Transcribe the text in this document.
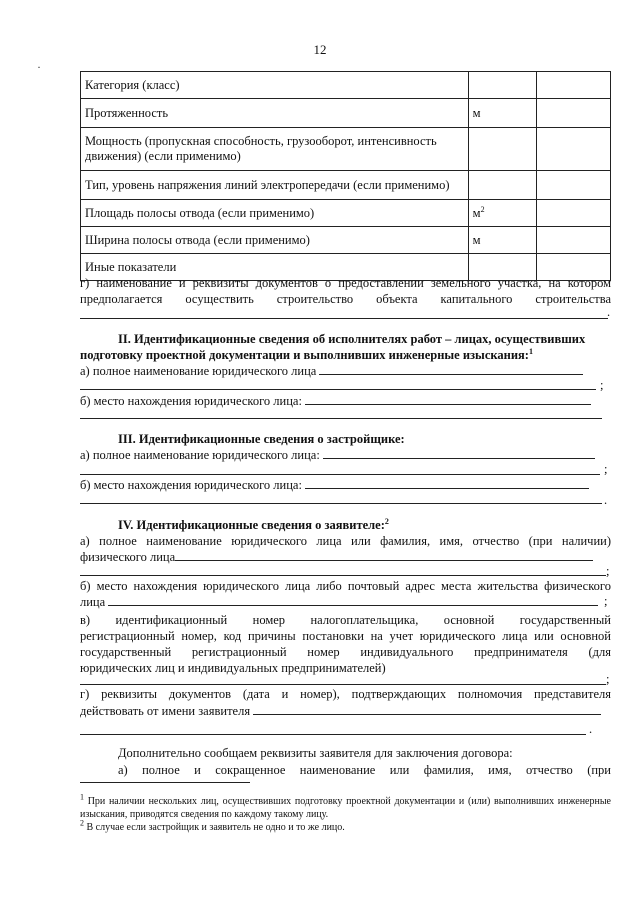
12
·
Категория (класс)		
Протяженность	м	
Мощность (пропускная способность, грузооборот, интенсивность движения) (если применимо)		
Тип, уровень напряжения линий электропередачи (если применимо)		
Площадь полосы отвода (если применимо)	$м^2$	
Ширина полосы отвода (если применимо)	м	
Иные показатели		
г) наименование и реквизиты документов о предоставлении земельного участка, на котором
предполагается осуществить строительство объекта капитального строительства
.
II. Идентификационные сведения об исполнителях работ – лицах, осуществивших
подготовку проектной документации и выполнивших инженерные изыскания:$^1$
а) полное наименование юридического лица
;
б) место нахождения юридического лица:
III. Идентификационные сведения о застройщике:
а) полное наименование юридического лица:
;
б) место нахождения юридического лица:
.
IV. Идентификационные сведения о заявителе:$^2$
а) полное наименование юридического лица или фамилия, имя, отчество (при наличии)
физического лица
;
б) место нахождения юридического лица либо почтовый адрес места жительства физического
лица	;
в) идентификационный номер налогоплательщика, основной государственный
регистрационный номер, код причины постановки на учет юридического лица или основной
государственный регистрационный номер индивидуального предпринимателя (для
юридических лиц и индивидуальных предпринимателей)
;
г) реквизиты документов (дата и номер), подтверждающих полномочия представителя
действовать от имени заявителя
.
Дополнительно сообщаем реквизиты заявителя для заключения договора:
а) полное и сокращенное наименование или фамилия, имя, отчество (при
$^1$ При наличии нескольких лиц, осуществивших подготовку проектной документации и (или) выполнивших инженерные изыскания, приводятся сведения по каждому такому лицу.
$^2$ В случае если застройщик и заявитель не одно и то же лицо.
